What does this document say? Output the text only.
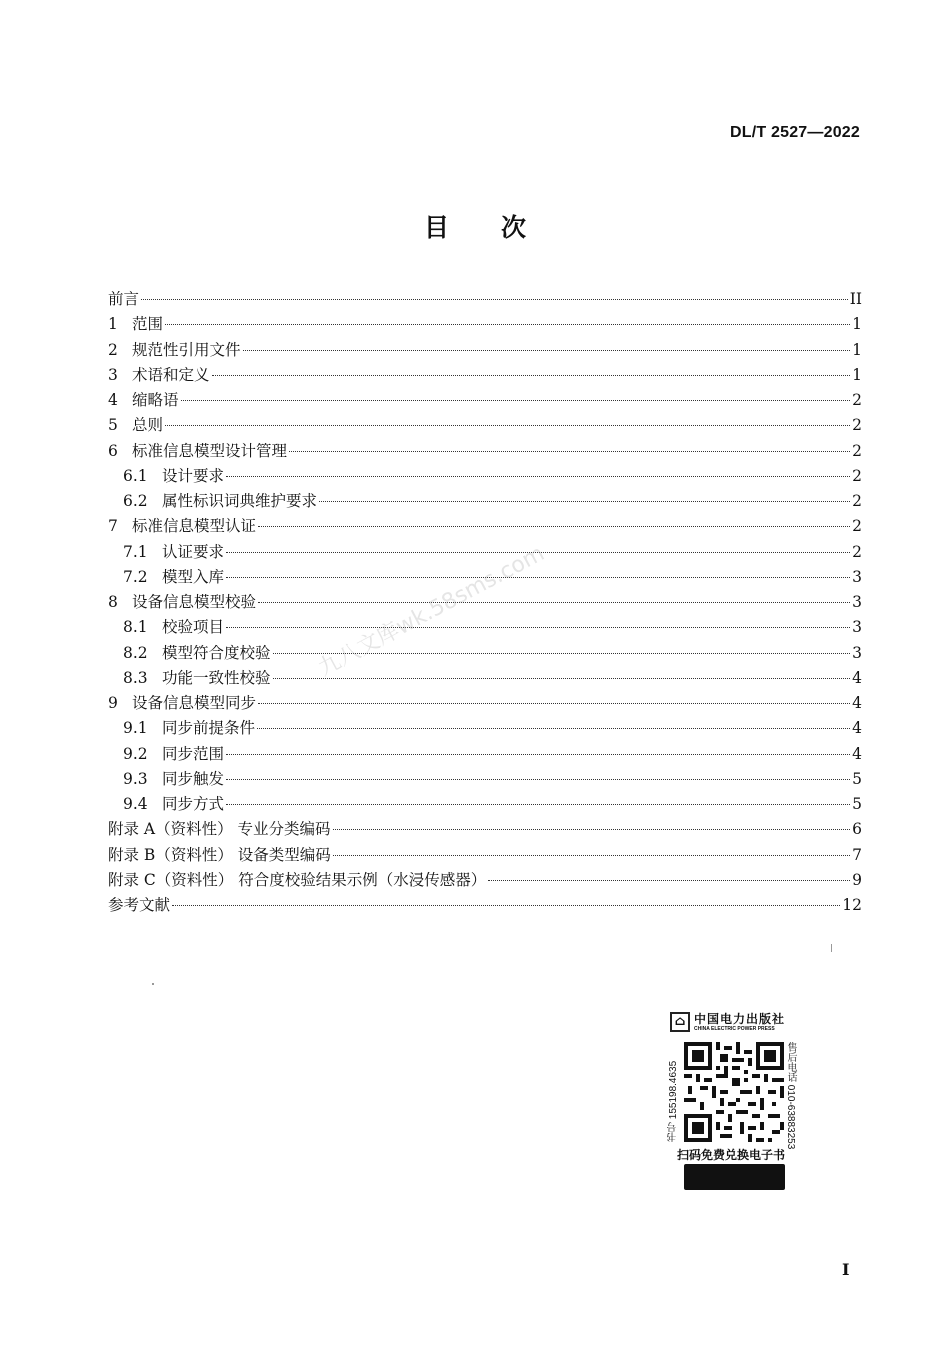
DL/T 2527—2022
目 次
前言	II
1 范围	1
2 规范性引用文件	1
3 术语和定义	1
4 缩略语	2
5 总则	2
6 标准信息模型设计管理	2
6.1 设计要求	2
6.2 属性标识词典维护要求	2
7 标准信息模型认证	2
7.1 认证要求	2
7.2 模型入库	3
8 设备信息模型校验	3
8.1 校验项目	3
8.2 模型符合度校验	3
8.3 功能一致性校验	4
9 设备信息模型同步	4
9.1 同步前提条件	4
9.2 同步范围	4
9.3 同步触发	5
9.4 同步方式	5
附录 A（资料性） 专业分类编码	6
附录 B（资料性） 设备类型编码	7
附录 C（资料性） 符合度校验结果示例（水浸传感器）	9
参考文献	12
九八文库wk.58sms.com
⌂ 中国电力出版社
CHINA ELECTRIC POWER PRESS
书号 155198.4635	售后电话 010-63883253
扫码免费兑换电子书
I
